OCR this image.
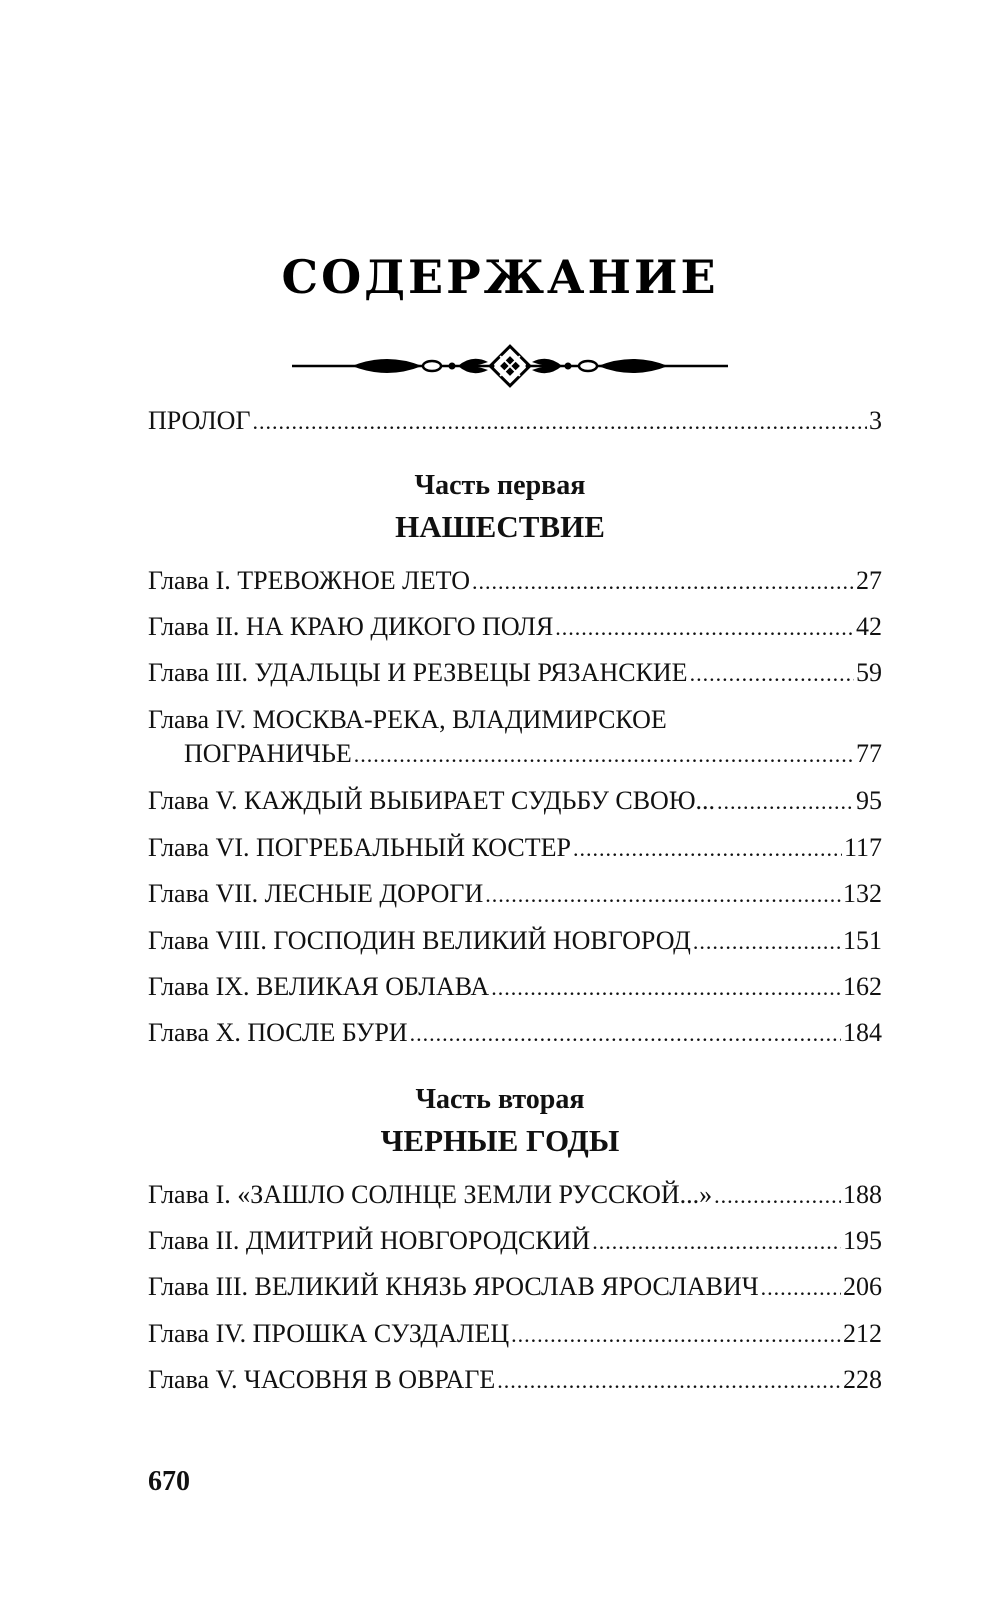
СОДЕРЖАНИЕ
ПРОЛОГ .....	3
Часть первая
НАШЕСТВИЕ
Глава I. ТРЕВОЖНОЕ ЛЕТО .....	27
Глава II. НА КРАЮ ДИКОГО ПОЛЯ .....	42
Глава III. УДАЛЬЦЫ И РЕЗВЕЦЫ РЯЗАНСКИЕ .....	59
Глава IV. МОСКВА-РЕКА, ВЛАДИМИРСКОЕ
ПОГРАНИЧЬЕ .....	77
Глава V. КАЖДЫЙ ВЫБИРАЕТ СУДЬБУ СВОЮ... .....	95
Глава VI. ПОГРЕБАЛЬНЫЙ КОСТЕР .....	117
Глава VII. ЛЕСНЫЕ ДОРОГИ .....	132
Глава VIII. ГОСПОДИН ВЕЛИКИЙ НОВГОРОД .....	151
Глава IX. ВЕЛИКАЯ ОБЛАВА .....	162
Глава X. ПОСЛЕ БУРИ .....	184
Часть вторая
ЧЕРНЫЕ ГОДЫ
Глава I. «ЗАШЛО СОЛНЦЕ ЗЕМЛИ РУССКОЙ...» .....	188
Глава II. ДМИТРИЙ НОВГОРОДСКИЙ .....	195
Глава III. ВЕЛИКИЙ КНЯЗЬ ЯРОСЛАВ ЯРОСЛАВИЧ .....	206
Глава IV. ПРОШКА СУЗДАЛЕЦ .....	212
Глава V. ЧАСОВНЯ В ОВРАГЕ .....	228
670
